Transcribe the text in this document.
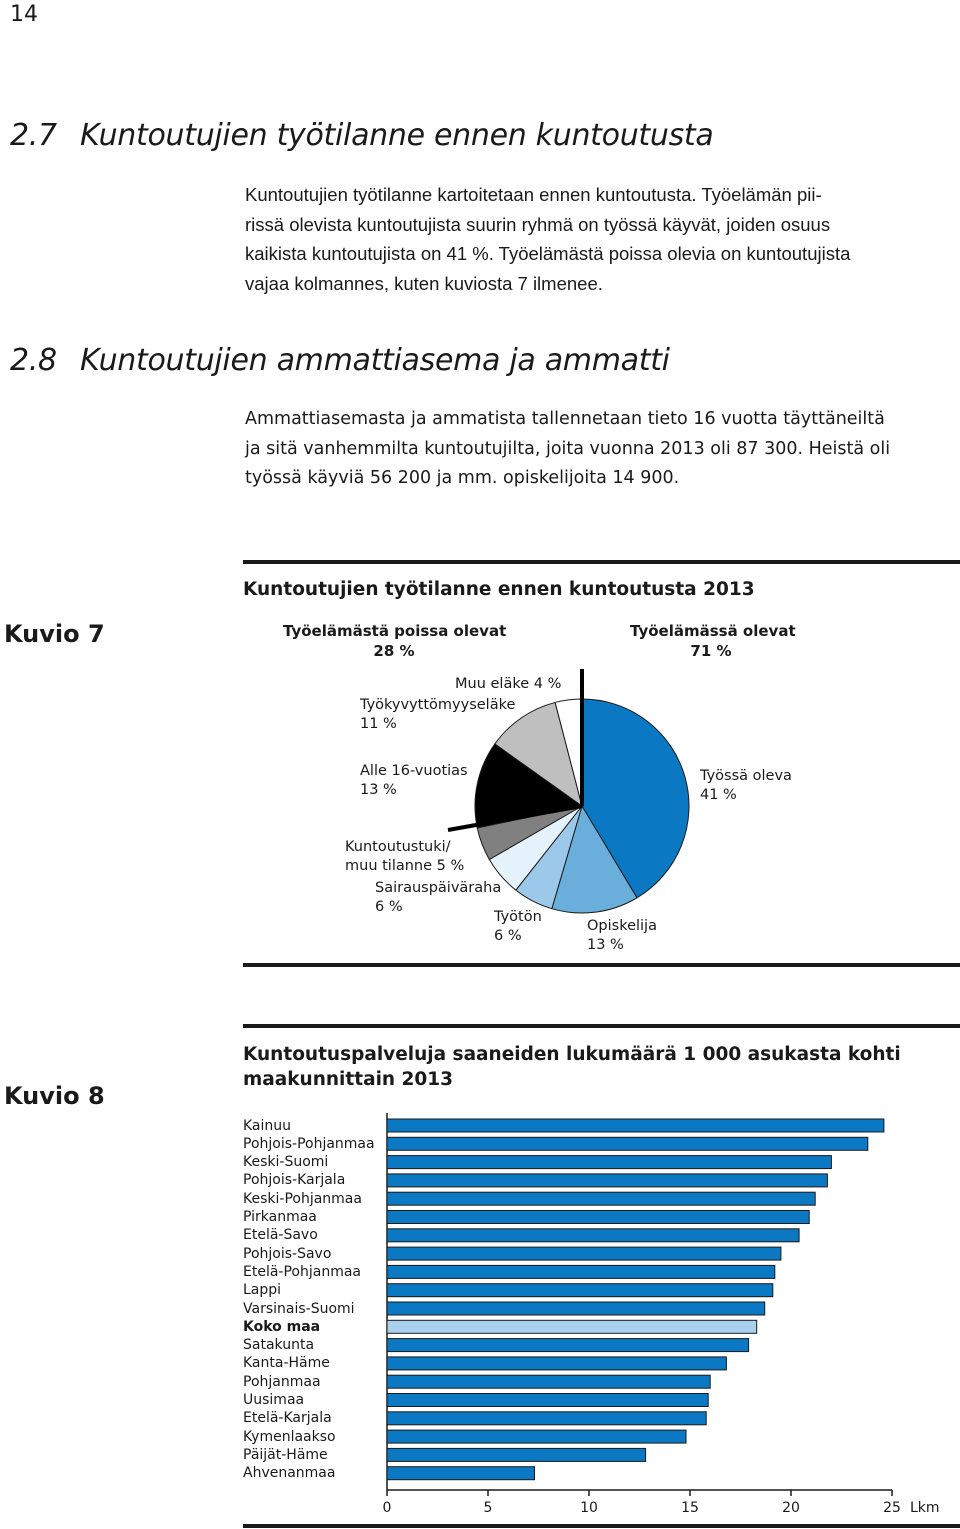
14
2.7 Kuntoutujien työtilanne ennen kuntoutusta
Kuntoutujien työtilanne kartoitetaan ennen kuntoutusta. Työelämän pii-
rissä olevista kuntoutujista suurin ryhmä on työssä käyvät, joiden osuus
kaikista kuntoutujista on 41 %. Työelämästä poissa olevia on kuntoutujista
vajaa kolmannes, kuten kuviosta 7 ilmenee.
2.8 Kuntoutujien ammattiasema ja ammatti
Ammattiasemasta ja ammatista tallennetaan tieto 16 vuotta täyttäneiltä
ja sitä vanhemmilta kuntoutujilta, joita vuonna 2013 oli 87 300. Heistä oli
työssä käyviä 56 200 ja mm. opiskelijoita 14 900.
Kuvio 7
Kuntoutujien työtilanne ennen kuntoutusta 2013
Työelämästä poissa olevat
28 %
Työelämässä olevat
71 %
Muu eläke 4 %
Työkyvyttömyyseläke
11 %
Alle 16-vuotias
13 %
Työssä oleva
41 %
Kuntoutustuki/
muu tilanne 5 %
Sairauspäiväraha
6 %
Työtön
6 %
Opiskelija
13 %
Kuvio 8
Kuntoutuspalveluja saaneiden lukumäärä 1 000 asukasta kohti
maakunnittain 2013
Kainuu
Pohjois-Pohjanmaa
Keski-Suomi
Pohjois-Karjala
Keski-Pohjanmaa
Pirkanmaa
Etelä-Savo
Pohjois-Savo
Etelä-Pohjanmaa
Lappi
Varsinais-Suomi
Koko maa
Satakunta
Kanta-Häme
Pohjanmaa
Uusimaa
Etelä-Karjala
Kymenlaakso
Päijät-Häme
Ahvenanmaa
0	5	10	15	20	25 Lkm
